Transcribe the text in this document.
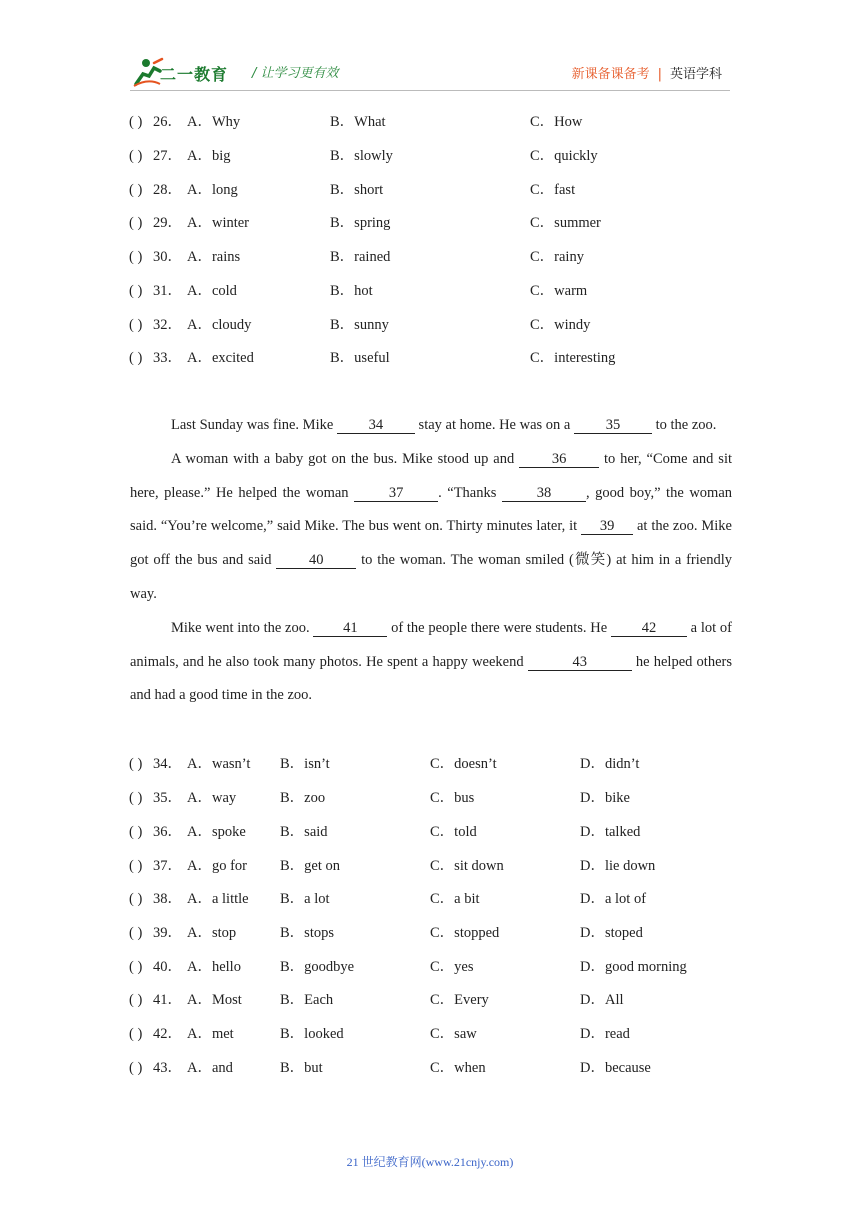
二一教育 / 让学习更有效	新课备课备考 | 英语学科
( ) 26． A．Why	B．What	C．How
( ) 27． A．big	B．slowly	C．quickly
( ) 28． A．long	B．short	C．fast
( ) 29． A．winter	B．spring	C．summer
( ) 30． A．rains	B．rained	C．rainy
( ) 31． A．cold	B．hot	C．warm
( ) 32． A．cloudy	B．sunny	C．windy
( ) 33． A．excited	B．useful	C．interesting

Last Sunday was fine. Mike 34 stay at home. He was on a 35 to the zoo.

A woman with a baby got on the bus. Mike stood up and 36 to her, “Come and sit here, please.” He helped the woman 37 . “Thanks 38 , good boy,” the woman said. “You’re welcome,” said Mike. The bus went on. Thirty minutes later, it 39 at the zoo. Mike got off the bus and said 40 to the woman. The woman smiled (微笑) at him in a friendly way.

Mike went into the zoo. 41 of the people there were students. He 42 a lot of animals, and he also took many photos. He spent a happy weekend	43	he helped others and had a good time in the zoo.

( ) 34． A．wasn’t B．isn’t	C．doesn’t	D．didn’t
( ) 35． A．way	B．zoo	C．bus	D．bike
( ) 36． A．spoke B．said	C．told	D．talked
( ) 37． A．go for B．get on	C．sit down	D．lie down
( ) 38． A．a little B．a lot	C．a bit	D．a lot of
( ) 39． A．stop	B．stops	C．stopped	D．stoped
( ) 40． A．hello	B．goodbye	C．yes	D．good morning
( ) 41． A．Most	B．Each	C．Every	D．All
( ) 42． A．met	B．looked	C．saw	D．read
( ) 43． A．and	B．but	C．when	D．because
21 世纪教育网(www.21cnjy.com)
